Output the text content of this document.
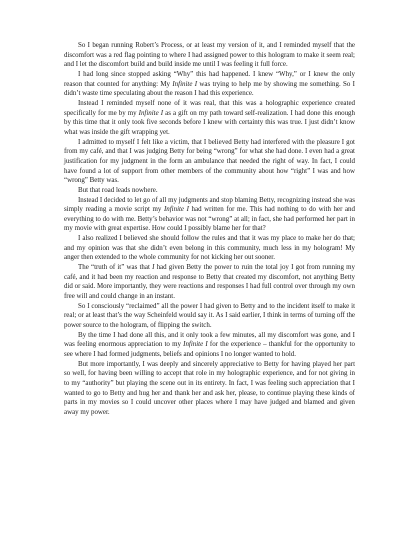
So I began running Robert’s Process, or at least my version of it, and I reminded myself that the discomfort was a red flag pointing to where I had assigned power to this hologram to make it seem real; and I let the discomfort build and build inside me until I was feeling it full force.

I had long since stopped asking “Why” this had happened. I knew “Why,” or I knew the only reason that counted for anything: My Infinite I was trying to help me by showing me something. So I didn’t waste time speculating about the reason I had this experience.

Instead I reminded myself none of it was real, that this was a holographic experience created specifically for me by my Infinite I as a gift on my path toward self-realization. I had done this enough by this time that it only took five seconds before I knew with certainty this was true. I just didn’t know what was inside the gift wrapping yet.

I admitted to myself I felt like a victim, that I believed Betty had interfered with the pleasure I got from my café, and that I was judging Betty for being “wrong” for what she had done. I even had a great justification for my judgment in the form an ambulance that needed the right of way. In fact, I could have found a lot of support from other members of the community about how “right” I was and how “wrong” Betty was.

But that road leads nowhere.

Instead I decided to let go of all my judgments and stop blaming Betty, recognizing instead she was simply reading a movie script my Infinite I had written for me. This had nothing to do with her and everything to do with me. Betty’s behavior was not “wrong” at all; in fact, she had performed her part in my movie with great expertise. How could I possibly blame her for that?

I also realized I believed she should follow the rules and that it was my place to make her do that; and my opinion was that she didn’t even belong in this community, much less in my hologram! My anger then extended to the whole community for not kicking her out sooner.

The “truth of it” was that I had given Betty the power to ruin the total joy I got from running my café, and it had been my reaction and response to Betty that created my discomfort, not anything Betty did or said. More importantly, they were reactions and responses I had full control over through my own free will and could change in an instant.

So I consciously “reclaimed” all the power I had given to Betty and to the incident itself to make it real; or at least that’s the way Scheinfeld would say it. As I said earlier, I think in terms of turning off the power source to the hologram, of flipping the switch.

By the time I had done all this, and it only took a few minutes, all my discomfort was gone, and I was feeling enormous appreciation to my Infinite I for the experience – thankful for the opportunity to see where I had formed judgments, beliefs and opinions I no longer wanted to hold.

But more importantly, I was deeply and sincerely appreciative to Betty for having played her part so well, for having been willing to accept that role in my holographic experience, and for not giving in to my “authority” but playing the scene out in its entirety. In fact, I was feeling such appreciation that I wanted to go to Betty and hug her and thank her and ask her, please, to continue playing these kinds of parts in my movies so I could uncover other places where I may have judged and blamed and given away my power.
